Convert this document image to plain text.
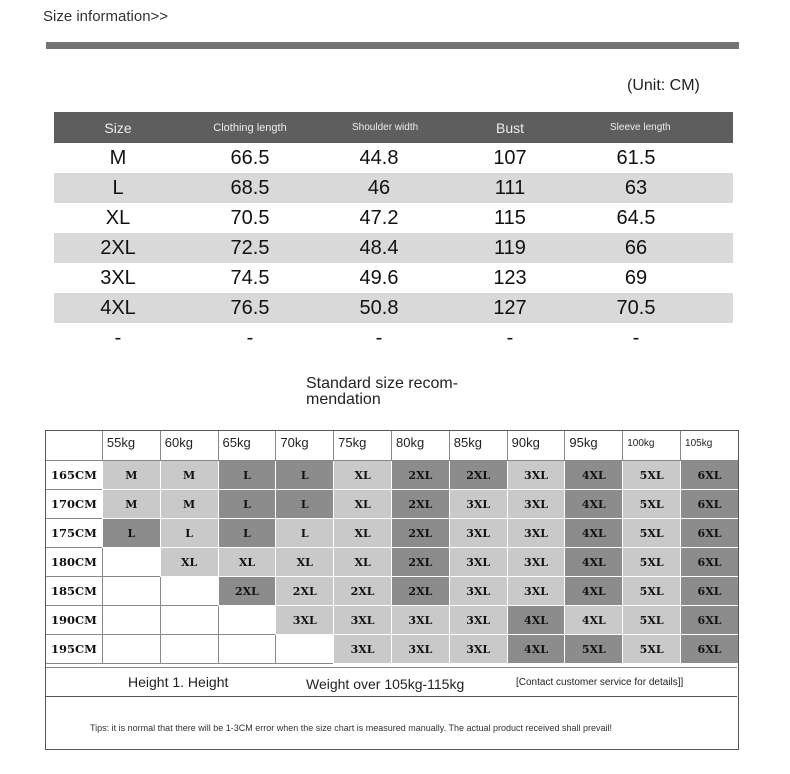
Size information>>
(Unit: CM)
Size	Clothing length	Shoulder width	Bust	Sleeve length
M	66.5	44.8	107	61.5
L	68.5	46	111	63
XL	70.5	47.2	115	64.5
2XL	72.5	48.4	119	66
3XL	74.5	49.6	123	69
4XL	76.5	50.8	127	70.5
-	-	-	-	-
Standard size recom-
mendation
	55kg	60kg	65kg	70kg	75kg	80kg	85kg	90kg	95kg	100kg	105kg
165CM	M	M	L	L	XL	2XL	2XL	3XL	4XL	5XL	6XL
170CM	M	M	L	L	XL	2XL	3XL	3XL	4XL	5XL	6XL
175CM	L	L	L	L	XL	2XL	3XL	3XL	4XL	5XL	6XL
180CM		XL	XL	XL	XL	2XL	3XL	3XL	4XL	5XL	6XL
185CM			2XL	2XL	2XL	2XL	3XL	3XL	4XL	5XL	6XL
190CM				3XL	3XL	3XL	3XL	4XL	4XL	5XL	6XL
195CM					3XL	3XL	3XL	4XL	5XL	5XL	6XL
Height 1. Height	Weight over 105kg-115kg	[Contact customer service for details]]
Tips: it is normal that there will be 1-3CM error when the size chart is measured manually. The actual product received shall prevail!
